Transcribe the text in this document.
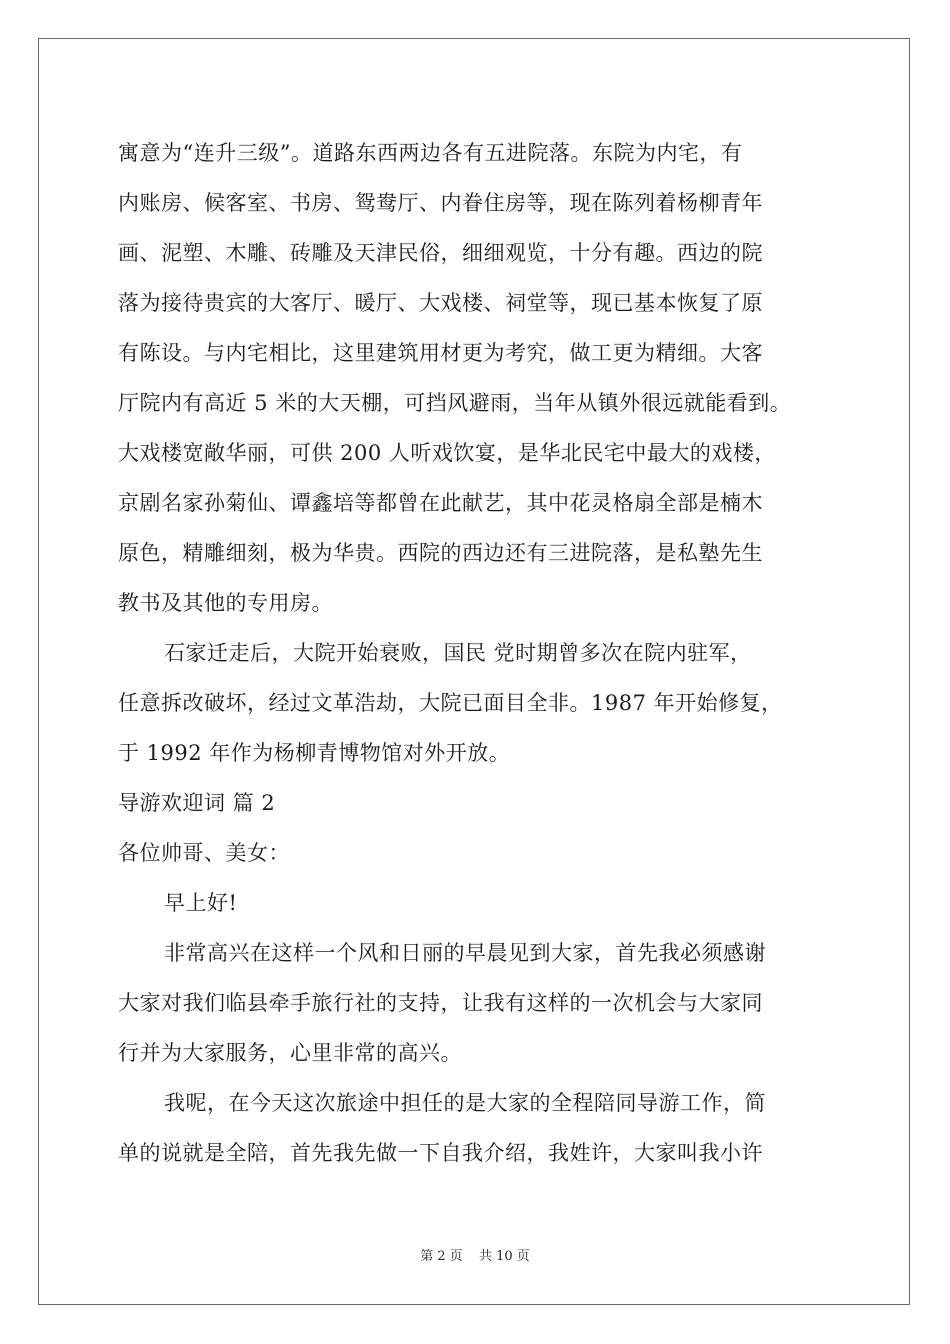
寓意为“连升三级”。道路东西两边各有五进院落。东院为内宅，有
内账房、候客室、书房、鸳鸯厅、内眷住房等，现在陈列着杨柳青年
画、泥塑、木雕、砖雕及天津民俗，细细观览，十分有趣。西边的院
落为接待贵宾的大客厅、暖厅、大戏楼、祠堂等，现已基本恢复了原
有陈设。与内宅相比，这里建筑用材更为考究，做工更为精细。大客
厅院内有高近 5 米的大天棚，可挡风避雨，当年从镇外很远就能看到。
大戏楼宽敞华丽，可供 200 人听戏饮宴，是华北民宅中最大的戏楼，
京剧名家孙菊仙、谭鑫培等都曾在此献艺，其中花灵格扇全部是楠木
原色，精雕细刻，极为华贵。西院的西边还有三进院落，是私塾先生
教书及其他的专用房。
石家迁走后，大院开始衰败，国民 党时期曾多次在院内驻军，
任意拆改破坏，经过文革浩劫，大院已面目全非。1987 年开始修复，
于 1992 年作为杨柳青博物馆对外开放。
导游欢迎词 篇 2
各位帅哥、美女：
早上好!
非常高兴在这样一个风和日丽的早晨见到大家，首先我必须感谢
大家对我们临县牵手旅行社的支持，让我有这样的一次机会与大家同
行并为大家服务，心里非常的高兴。
我呢，在今天这次旅途中担任的是大家的全程陪同导游工作，简
单的说就是全陪，首先我先做一下自我介绍，我姓许，大家叫我小许
第 2 页 共 10 页
